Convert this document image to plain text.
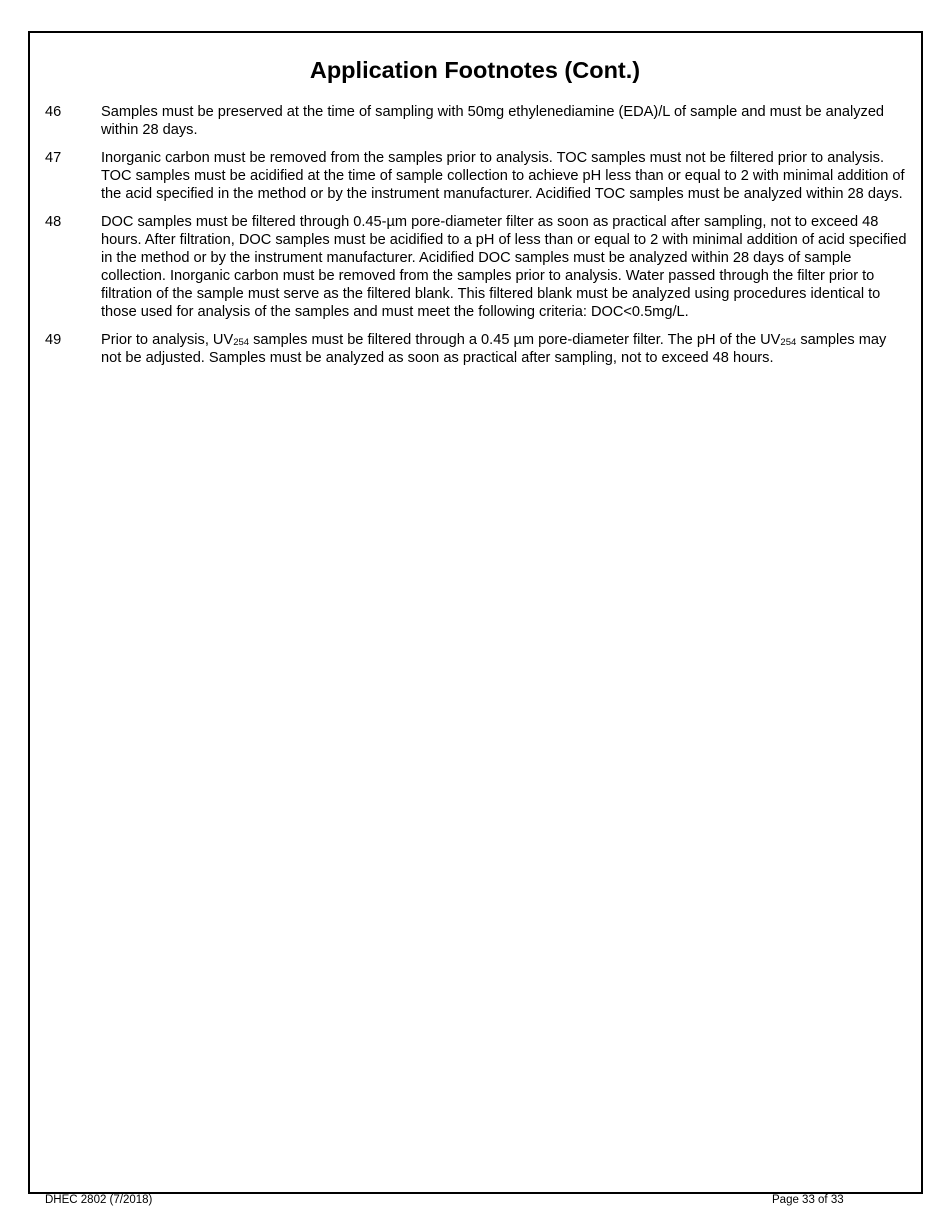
Application Footnotes (Cont.)
46	Samples must be preserved at the time of sampling with 50mg ethylenediamine (EDA)/L of sample and must be analyzed within 28 days.
47	Inorganic carbon must be removed from the samples prior to analysis. TOC samples must not be filtered prior to analysis. TOC samples must be acidified at the time of sample collection to achieve pH less than or equal to 2 with minimal addition of the acid specified in the method or by the instrument manufacturer. Acidified TOC samples must be analyzed within 28 days.
48	DOC samples must be filtered through 0.45-µm pore-diameter filter as soon as practical after sampling, not to exceed 48 hours. After filtration, DOC samples must be acidified to a pH of less than or equal to 2 with minimal addition of acid specified in the method or by the instrument manufacturer. Acidified DOC samples must be analyzed within 28 days of sample collection. Inorganic carbon must be removed from the samples prior to analysis. Water passed through the filter prior to filtration of the sample must serve as the filtered blank. This filtered blank must be analyzed using procedures identical to those used for analysis of the samples and must meet the following criteria: DOC<0.5mg/L.
49	Prior to analysis, $UV_{254}$ samples must be filtered through a 0.45 µm pore-diameter filter. The pH of the $UV_{254}$ samples may not be adjusted. Samples must be analyzed as soon as practical after sampling, not to exceed 48 hours.
DHEC 2802 (7/2018)	Page 33 of 33
